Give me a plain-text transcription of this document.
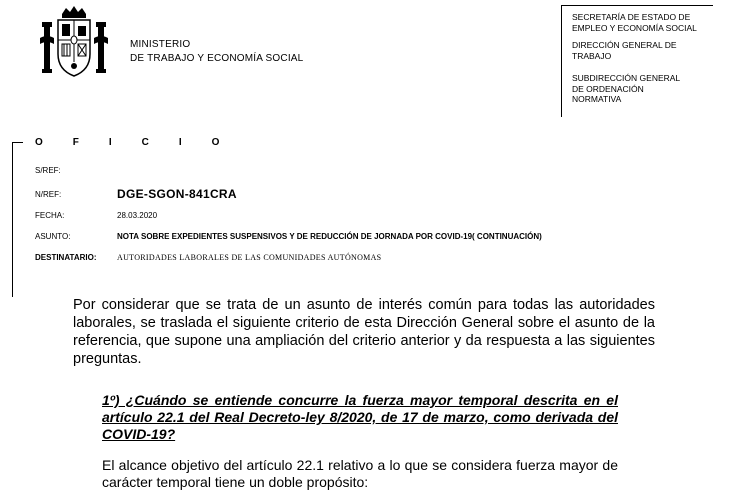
MINISTERIO
DE TRABAJO Y ECONOMÍA SOCIAL
SECRETARÍA DE ESTADO DE
EMPLEO Y ECONOMÍA SOCIAL
DIRECCIÓN GENERAL DE
TRABAJO
SUBDIRECCIÓN GENERAL
DE ORDENACIÓN
NORMATIVA
OFICIO
S/REF:
N/REF:	DGE-SGON-841CRA
FECHA:	28.03.2020
ASUNTO:	NOTA SOBRE EXPEDIENTES SUSPENSIVOS Y DE REDUCCIÓN DE JORNADA POR COVID-19( CONTINUACIÓN)
DESTINATARIO:	AUTORIDADES LABORALES DE LAS COMUNIDADES AUTÓNOMAS
Por considerar que se trata de un asunto de interés común para todas las autoridades laborales, se traslada el siguiente criterio de esta Dirección General sobre el asunto de la referencia, que supone una ampliación del criterio anterior y da respuesta a las siguientes preguntas.
1º) ¿Cuándo se entiende concurre la fuerza mayor temporal descrita en el artículo 22.1 del Real Decreto-ley 8/2020, de 17 de marzo, como derivada del COVID-19?
El alcance objetivo del artículo 22.1 relativo a lo que se considera fuerza mayor de carácter temporal tiene un doble propósito:
